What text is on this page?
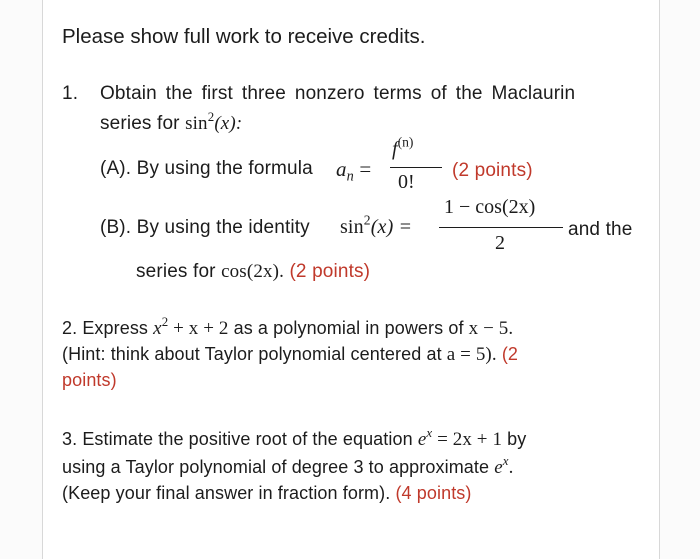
Please show full work to receive credits.
1. Obtain the first three nonzero terms of the Maclaurin
series for $\sin^2(x)$:
(A). By using the formula $a_n$ =
$f^{(n)}$
0!
(2 points)
(B). By using the identity $\sin^2(x)$ =
1 − cos(2x)
2
and the
series for cos(2x). (2 points)
2. Express $x^2 + x + 2$ as a polynomial in powers of x − 5.
(Hint: think about Taylor polynomial centered at a = 5). (2
points)
3. Estimate the positive root of the equation $e^x = 2x + 1$ by
using a Taylor polynomial of degree 3 to approximate $e^x$.
(Keep your final answer in fraction form). (4 points)
